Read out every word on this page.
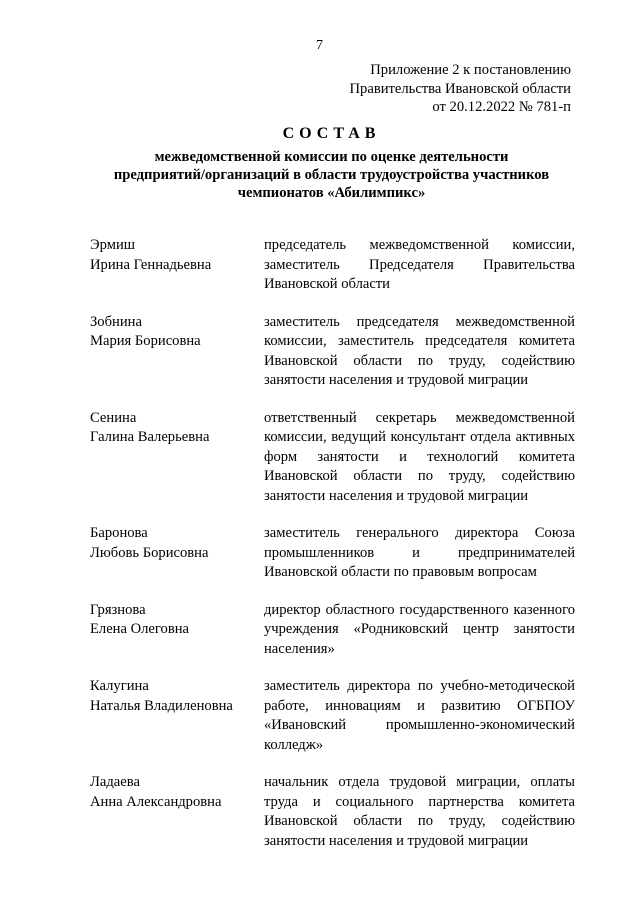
7
Приложение 2 к постановлению
Правительства Ивановской области
от 20.12.2022 № 781-п
СОСТАВ
межведомственной комиссии по оценке деятельности
предприятий/организаций в области трудоустройства участников
чемпионатов «Абилимпикс»
Эрмиш
Ирина Геннадьевна
председатель межведомственной комиссии, заместитель Председателя Правительства Ивановской области
Зобнина
Мария Борисовна
заместитель председателя межведомственной комиссии, заместитель председателя комитета Ивановской области по труду, содействию занятости населения и трудовой миграции
Сенина
Галина Валерьевна
ответственный секретарь межведомственной комиссии, ведущий консультант отдела активных форм занятости и технологий комитета Ивановской области по труду, содействию занятости населения и трудовой миграции
Баронова
Любовь Борисовна
заместитель генерального директора Союза промышленников и предпринимателей Ивановской области по правовым вопросам
Грязнова
Елена Олеговна
директор областного государственного казенного учреждения «Родниковский центр занятости населения»
Калугина
Наталья Владиленовна
заместитель директора по учебно-методической работе, инновациям и развитию ОГБПОУ «Ивановский промышленно-экономический колледж»
Ладаева
Анна Александровна
начальник отдела трудовой миграции, оплаты труда и социального партнерства комитета Ивановской области по труду, содействию занятости населения и трудовой миграции
